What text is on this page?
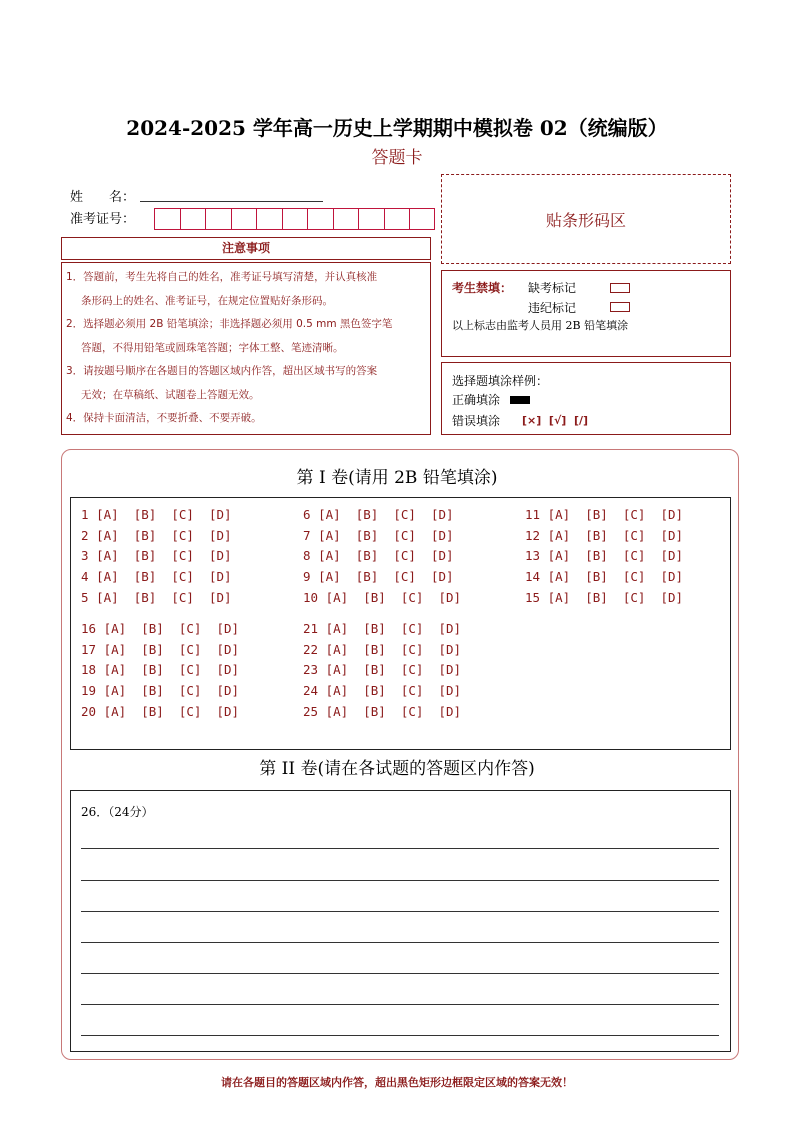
2024-2025 学年高一历史上学期期中模拟卷 02（统编版）
答题卡
姓　　名：
准考证号：	贴条形码区
注意事项

1．答题前，考生先将自己的姓名，准考证号填写清楚，并认真核准

条形码上的姓名、准考证号，在规定位置贴好条形码。

2．选择题必须用 2B 铅笔填涂；非选择题必须用 0.5 mm 黑色签字笔

答题，不得用铅笔或圆珠笔答题；字体工整、笔迹清晰。

3．请按题号顺序在各题目的答题区域内作答，超出区域书写的答案

无效；在草稿纸、试题卷上答题无效。

4．保持卡面清洁，不要折叠、不要弄破。

考生禁填： 缺考标记
违纪标记
以上标志由监考人员用 2B 铅笔填涂
选择题填涂样例：
正确填涂
错误填涂 [×]  [√]  [/]
第 I 卷(请用 2B 铅笔填涂)
1 [A]  [B]  [C]  [D]
2 [A]  [B]  [C]  [D]
3 [A]  [B]  [C]  [D]
4 [A]  [B]  [C]  [D]
5 [A]  [B]  [C]  [D]
6 [A]  [B]  [C]  [D]
7 [A]  [B]  [C]  [D]
8 [A]  [B]  [C]  [D]
9 [A]  [B]  [C]  [D]
10 [A]  [B]  [C]  [D]
11 [A]  [B]  [C]  [D]
12 [A]  [B]  [C]  [D]
13 [A]  [B]  [C]  [D]
14 [A]  [B]  [C]  [D]
15 [A]  [B]  [C]  [D]
16 [A]  [B]  [C]  [D]
17 [A]  [B]  [C]  [D]
18 [A]  [B]  [C]  [D]
19 [A]  [B]  [C]  [D]
20 [A]  [B]  [C]  [D]
21 [A]  [B]  [C]  [D]
22 [A]  [B]  [C]  [D]
23 [A]  [B]  [C]  [D]
24 [A]  [B]  [C]  [D]
25 [A]  [B]  [C]  [D]
第 II 卷(请在各试题的答题区内作答)
26．（24分）
请在各题目的答题区域内作答，超出黑色矩形边框限定区域的答案无效！
